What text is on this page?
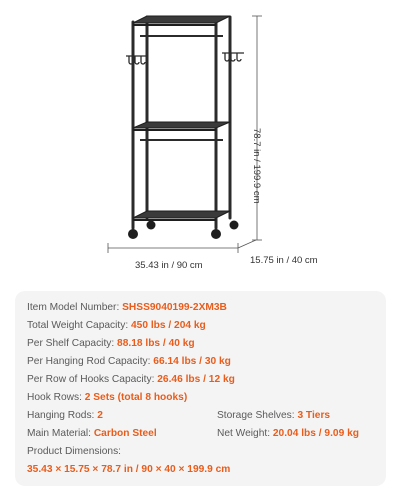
78.7 in / 199.9 cm
35.43 in / 90 cm	15.75 in / 40 cm
Item Model Number: SHSS9040199-2XM3B
Total Weight Capacity: 450 lbs / 204 kg
Per Shelf Capacity: 88.18 lbs / 40 kg
Per Hanging Rod Capacity: 66.14 lbs / 30 kg
Per Row of Hooks Capacity: 26.46 lbs / 12 kg
Hook Rows: 2 Sets (total 8 hooks)
Hanging Rods: 2	Storage Shelves: 3 Tiers
Main Material: Carbon Steel	Net Weight: 20.04 lbs / 9.09 kg
Product Dimensions:
35.43 × 15.75 × 78.7 in / 90 × 40 × 199.9 cm
